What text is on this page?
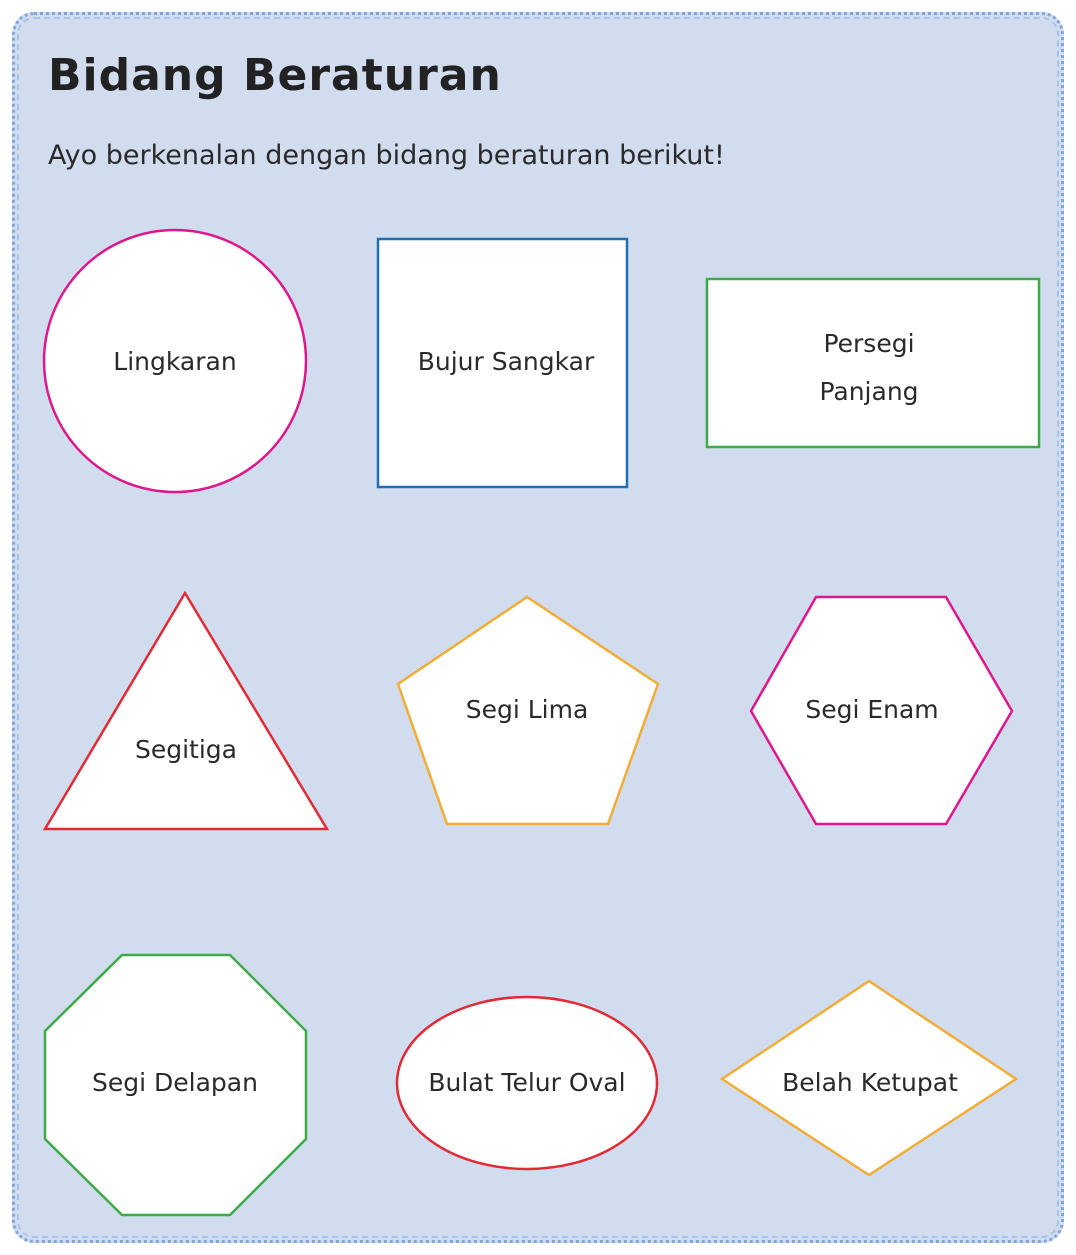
Bidang Beraturan

Ayo berkenalan dengan bidang beraturan berikut!

Lingkaran	Bujur Sangkar
Persegi
Panjang
Segitiga
Segi Lima	Segi Enam
Segi Delapan	Bulat Telur Oval	Belah Ketupat
